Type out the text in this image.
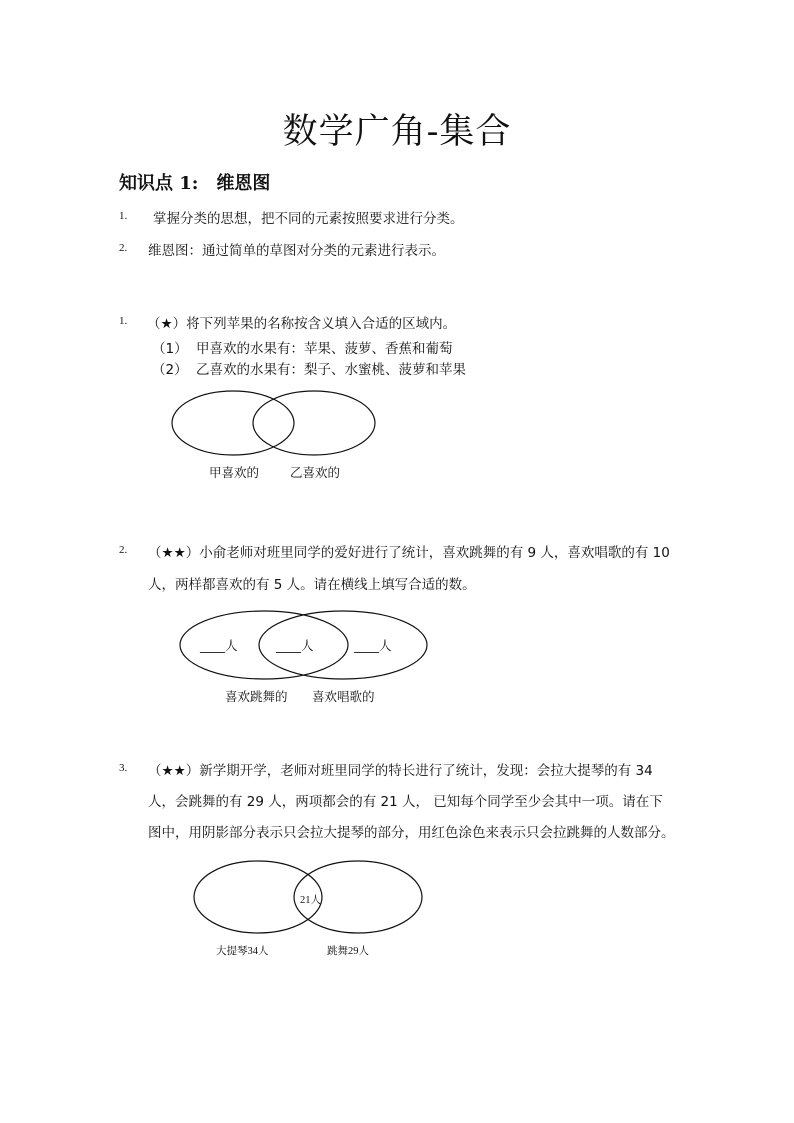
数学广角-集合
知识点 1: 维恩图
1. 掌握分类的思想，把不同的元素按照要求进行分类。
2. 维恩图：通过简单的草图对分类的元素进行表示。
1. （★）将下列苹果的名称按含义填入合适的区域内。
（1） 甲喜欢的水果有：苹果、菠萝、香蕉和葡萄
（2） 乙喜欢的水果有：梨子、水蜜桃、菠萝和苹果
甲喜欢的 乙喜欢的
2. （★★）小俞老师对班里同学的爱好进行了统计，喜欢跳舞的有 9 人，喜欢唱歌的有 10
人，两样都喜欢的有 5 人。请在横线上填写合适的数。
____人	____人	____人
喜欢跳舞的 喜欢唱歌的
3. （★★）新学期开学，老师对班里同学的特长进行了统计，发现：会拉大提琴的有 34
人，会跳舞的有 29 人，两项都会的有 21 人， 已知每个同学至少会其中一项。请在下
图中，用阴影部分表示只会拉大提琴的部分，用红色涂色来表示只会拉跳舞的人数部分。
21人
大提琴34人	跳舞29人
